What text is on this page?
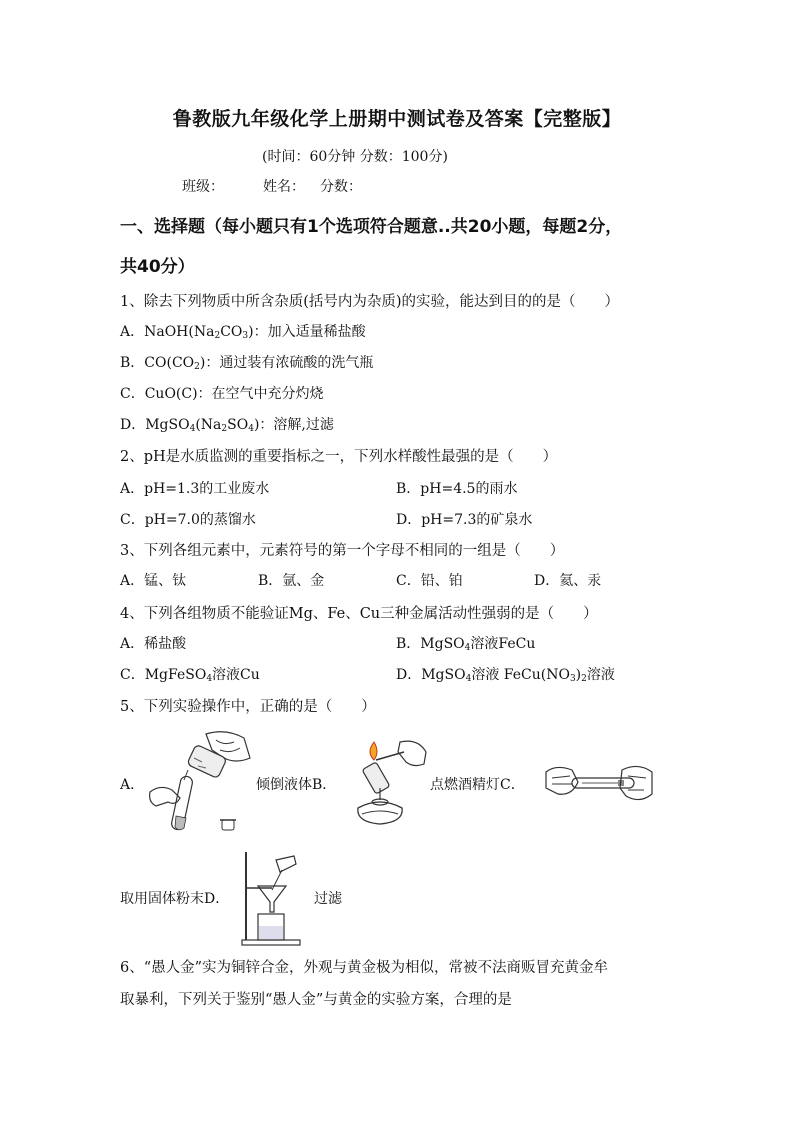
鲁教版九年级化学上册期中测试卷及答案【完整版】
(时间：60分钟 分数：100分)
班级：	姓名： 分数：
一、选择题（每小题只有1个选项符合题意..共20小题，每题2分，
共40分）
1、除去下列物质中所含杂质(括号内为杂质)的实验，能达到目的的是（　　）
A．$NaOH(Na_2CO_3)$：加入适量稀盐酸
B．$CO(CO_2)$：通过装有浓硫酸的洗气瓶
C．CuO(C)：在空气中充分灼烧
D．$MgSO_4(Na_2SO_4)$：溶解,过滤
2、pH是水质监测的重要指标之一，下列水样酸性最强的是（　　）
A．pH=1.3的工业废水	B．pH=4.5的雨水
C．pH=7.0的蒸馏水	D．pH=7.3的矿泉水
3、下列各组元素中，元素符号的第一个字母不相同的一组是（　　）
A．锰、钛	B．氩、金	C．铅、铂	D．氦、汞
4、下列各组物质不能验证Mg、Fe、Cu三种金属活动性强弱的是（　　）
A．稀盐酸	B．MgSO$_4$溶液FeCu
C．MgFeSO$_4$溶液Cu	D．MgSO$_4$溶液 $FeCu(NO_3)_2$溶液
5、下列实验操作中，正确的是（　　）
A．	倾倒液体B．	点燃酒精灯C．
取用固体粉末D．	过滤
6、“愚人金”实为铜锌合金，外观与黄金极为相似，常被不法商贩冒充黄金牟
取暴利，下列关于鉴别“愚人金”与黄金的实验方案，合理的是
